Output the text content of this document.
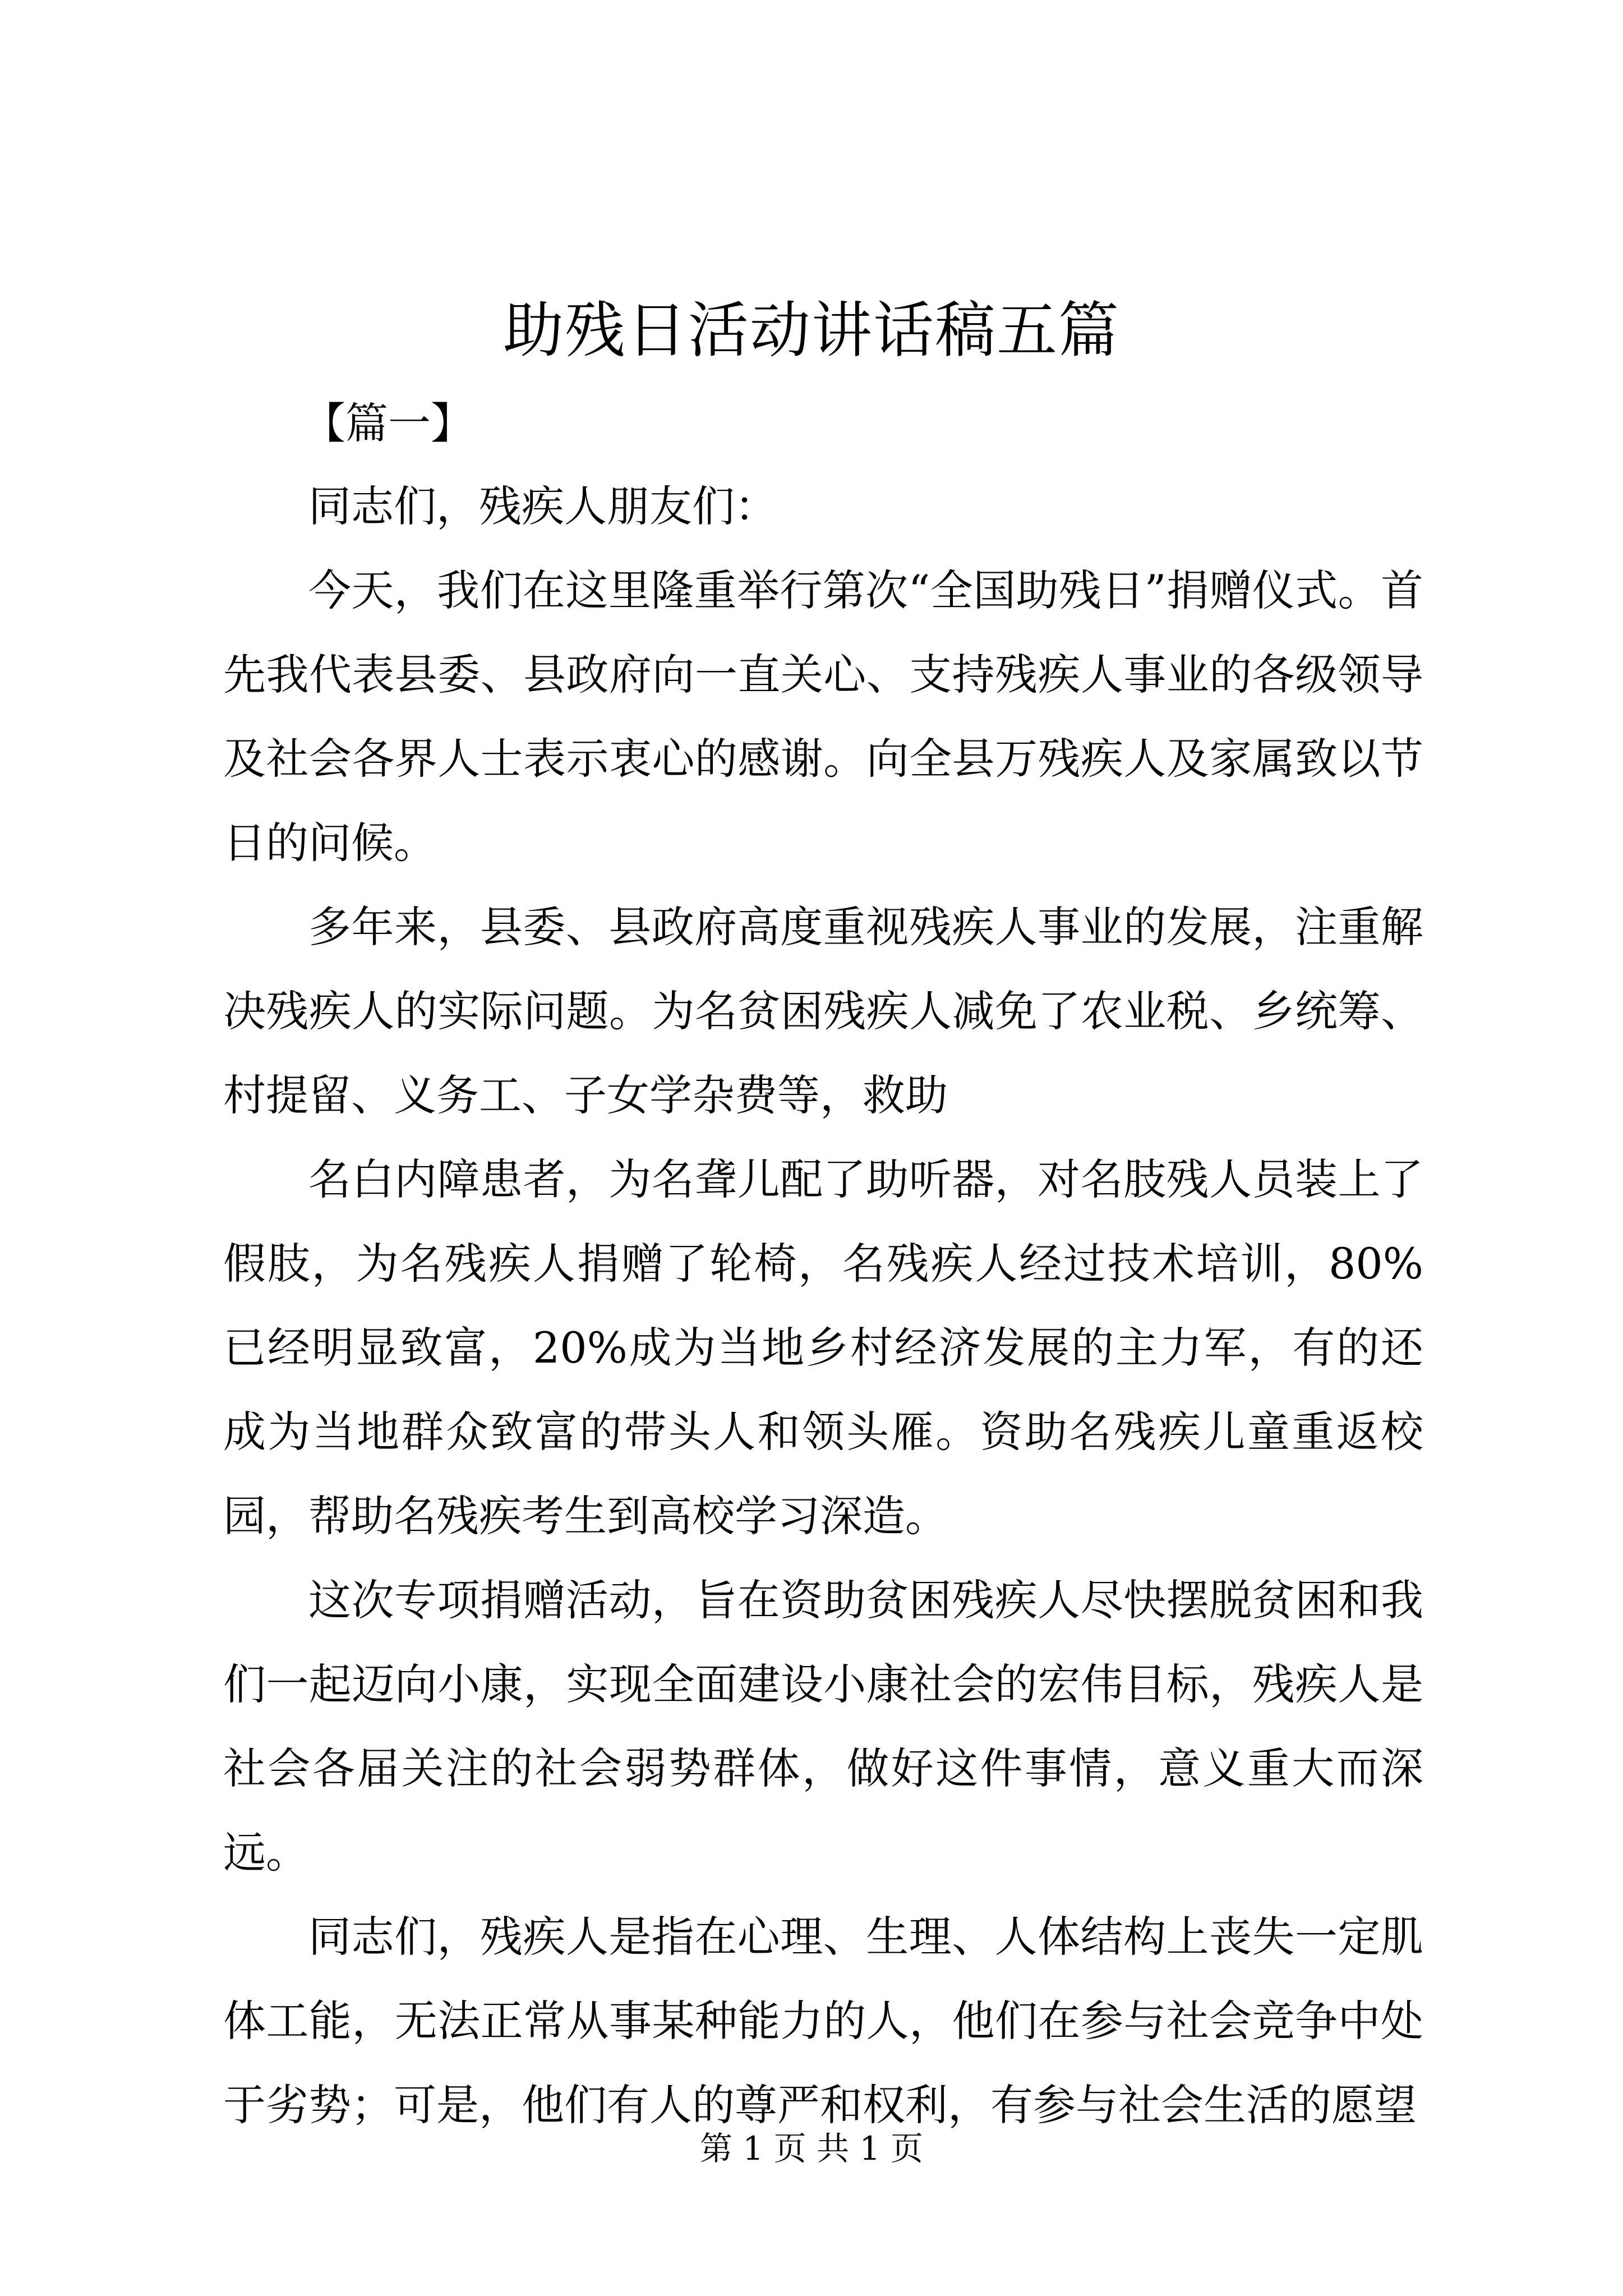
助残日活动讲话稿五篇
【篇一】

同志们，残疾人朋友们：

今天，我们在这里隆重举行第次“全国助残日”捐赠仪式。首先我代表县委、县政府向一直关心、支持残疾人事业的各级领导及社会各界人士表示衷心的感谢。向全县万残疾人及家属致以节日的问候。

多年来，县委、县政府高度重视残疾人事业的发展，注重解决残疾人的实际问题。为名贫困残疾人减免了农业税、乡统筹、村提留、义务工、子女学杂费等，救助

名白内障患者，为名聋儿配了助听器，对名肢残人员装上了假肢，为名残疾人捐赠了轮椅，名残疾人经过技术培训，80%已经明显致富，20%成为当地乡村经济发展的主力军，有的还成为当地群众致富的带头人和领头雁。资助名残疾儿童重返校园，帮助名残疾考生到高校学习深造。

这次专项捐赠活动，旨在资助贫困残疾人尽快摆脱贫困和我们一起迈向小康，实现全面建设小康社会的宏伟目标，残疾人是社会各届关注的社会弱势群体，做好这件事情，意义重大而深远。

同志们，残疾人是指在心理、生理、人体结构上丧失一定肌体工能，无法正常从事某种能力的人，他们在参与社会竞争中处于劣势；可是，他们有人的尊严和权利，有参与社会生活的愿望

第 1 页 共 1 页
